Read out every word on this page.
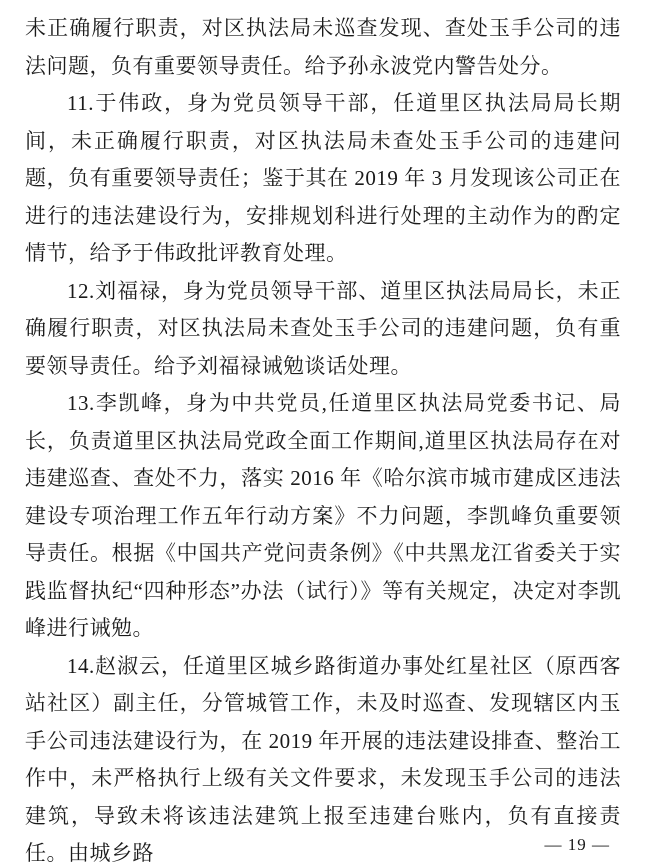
未正确履行职责，对区执法局未巡查发现、查处玉手公司的违法问题，负有重要领导责任。给予孙永波党内警告处分。

11.于伟政，身为党员领导干部，任道里区执法局局长期间，未正确履行职责，对区执法局未查处玉手公司的违建问题，负有重要领导责任；鉴于其在 2019 年 3 月发现该公司正在进行的违法建设行为，安排规划科进行处理的主动作为的酌定情节，给予于伟政批评教育处理。

12.刘福禄，身为党员领导干部、道里区执法局局长，未正确履行职责，对区执法局未查处玉手公司的违建问题，负有重要领导责任。给予刘福禄诫勉谈话处理。

13.李凯峰，身为中共党员,任道里区执法局党委书记、局长，负责道里区执法局党政全面工作期间,道里区执法局存在对违建巡查、查处不力，落实 2016 年《哈尔滨市城市建成区违法建设专项治理工作五年行动方案》不力问题，李凯峰负重要领导责任。根据《中国共产党问责条例》《中共黑龙江省委关于实践监督执纪“四种形态”办法（试行）》等有关规定，决定对李凯峰进行诫勉。

14.赵淑云，任道里区城乡路街道办事处红星社区（原西客站社区）副主任，分管城管工作，未及时巡查、发现辖区内玉手公司违法建设行为，在 2019 年开展的违法建设排查、整治工作中，未严格执行上级有关文件要求，未发现玉手公司的违法建筑，导致未将该违法建筑上报至违建台账内，负有直接责任。由城乡路	— 19 —
